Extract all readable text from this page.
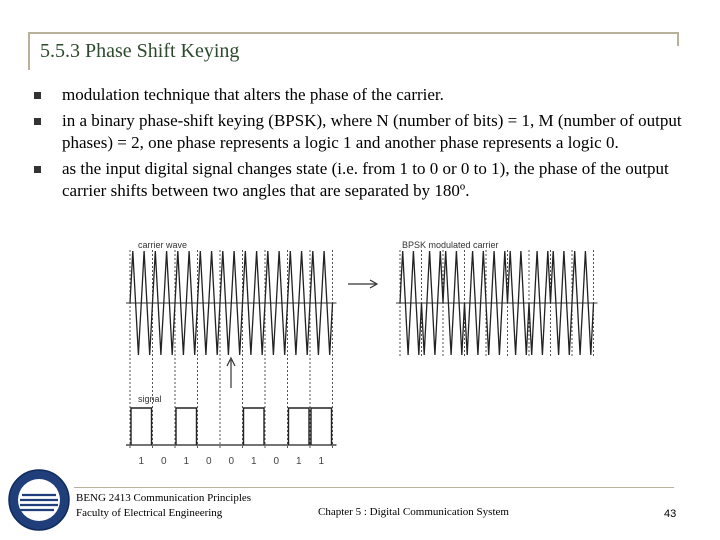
5.5.3 Phase Shift Keying
modulation technique that alters the phase of the carrier.
in a binary phase-shift keying (BPSK), where N (number of bits) = 1, M (number of output phases) = 2, one phase represents a logic 1 and another phase represents a logic 0.
as the input digital signal changes state (i.e. from 1 to 0 or 0 to 1), the phase of the output carrier shifts between two angles that are separated by 180º.
carrier wave	BPSK modulated carrier
signal
1 0 1 0 0 1 0 1 1
BENG 2413 Communication Principles
Faculty of Electrical Engineering	Chapter 5 : Digital Communication System	43
